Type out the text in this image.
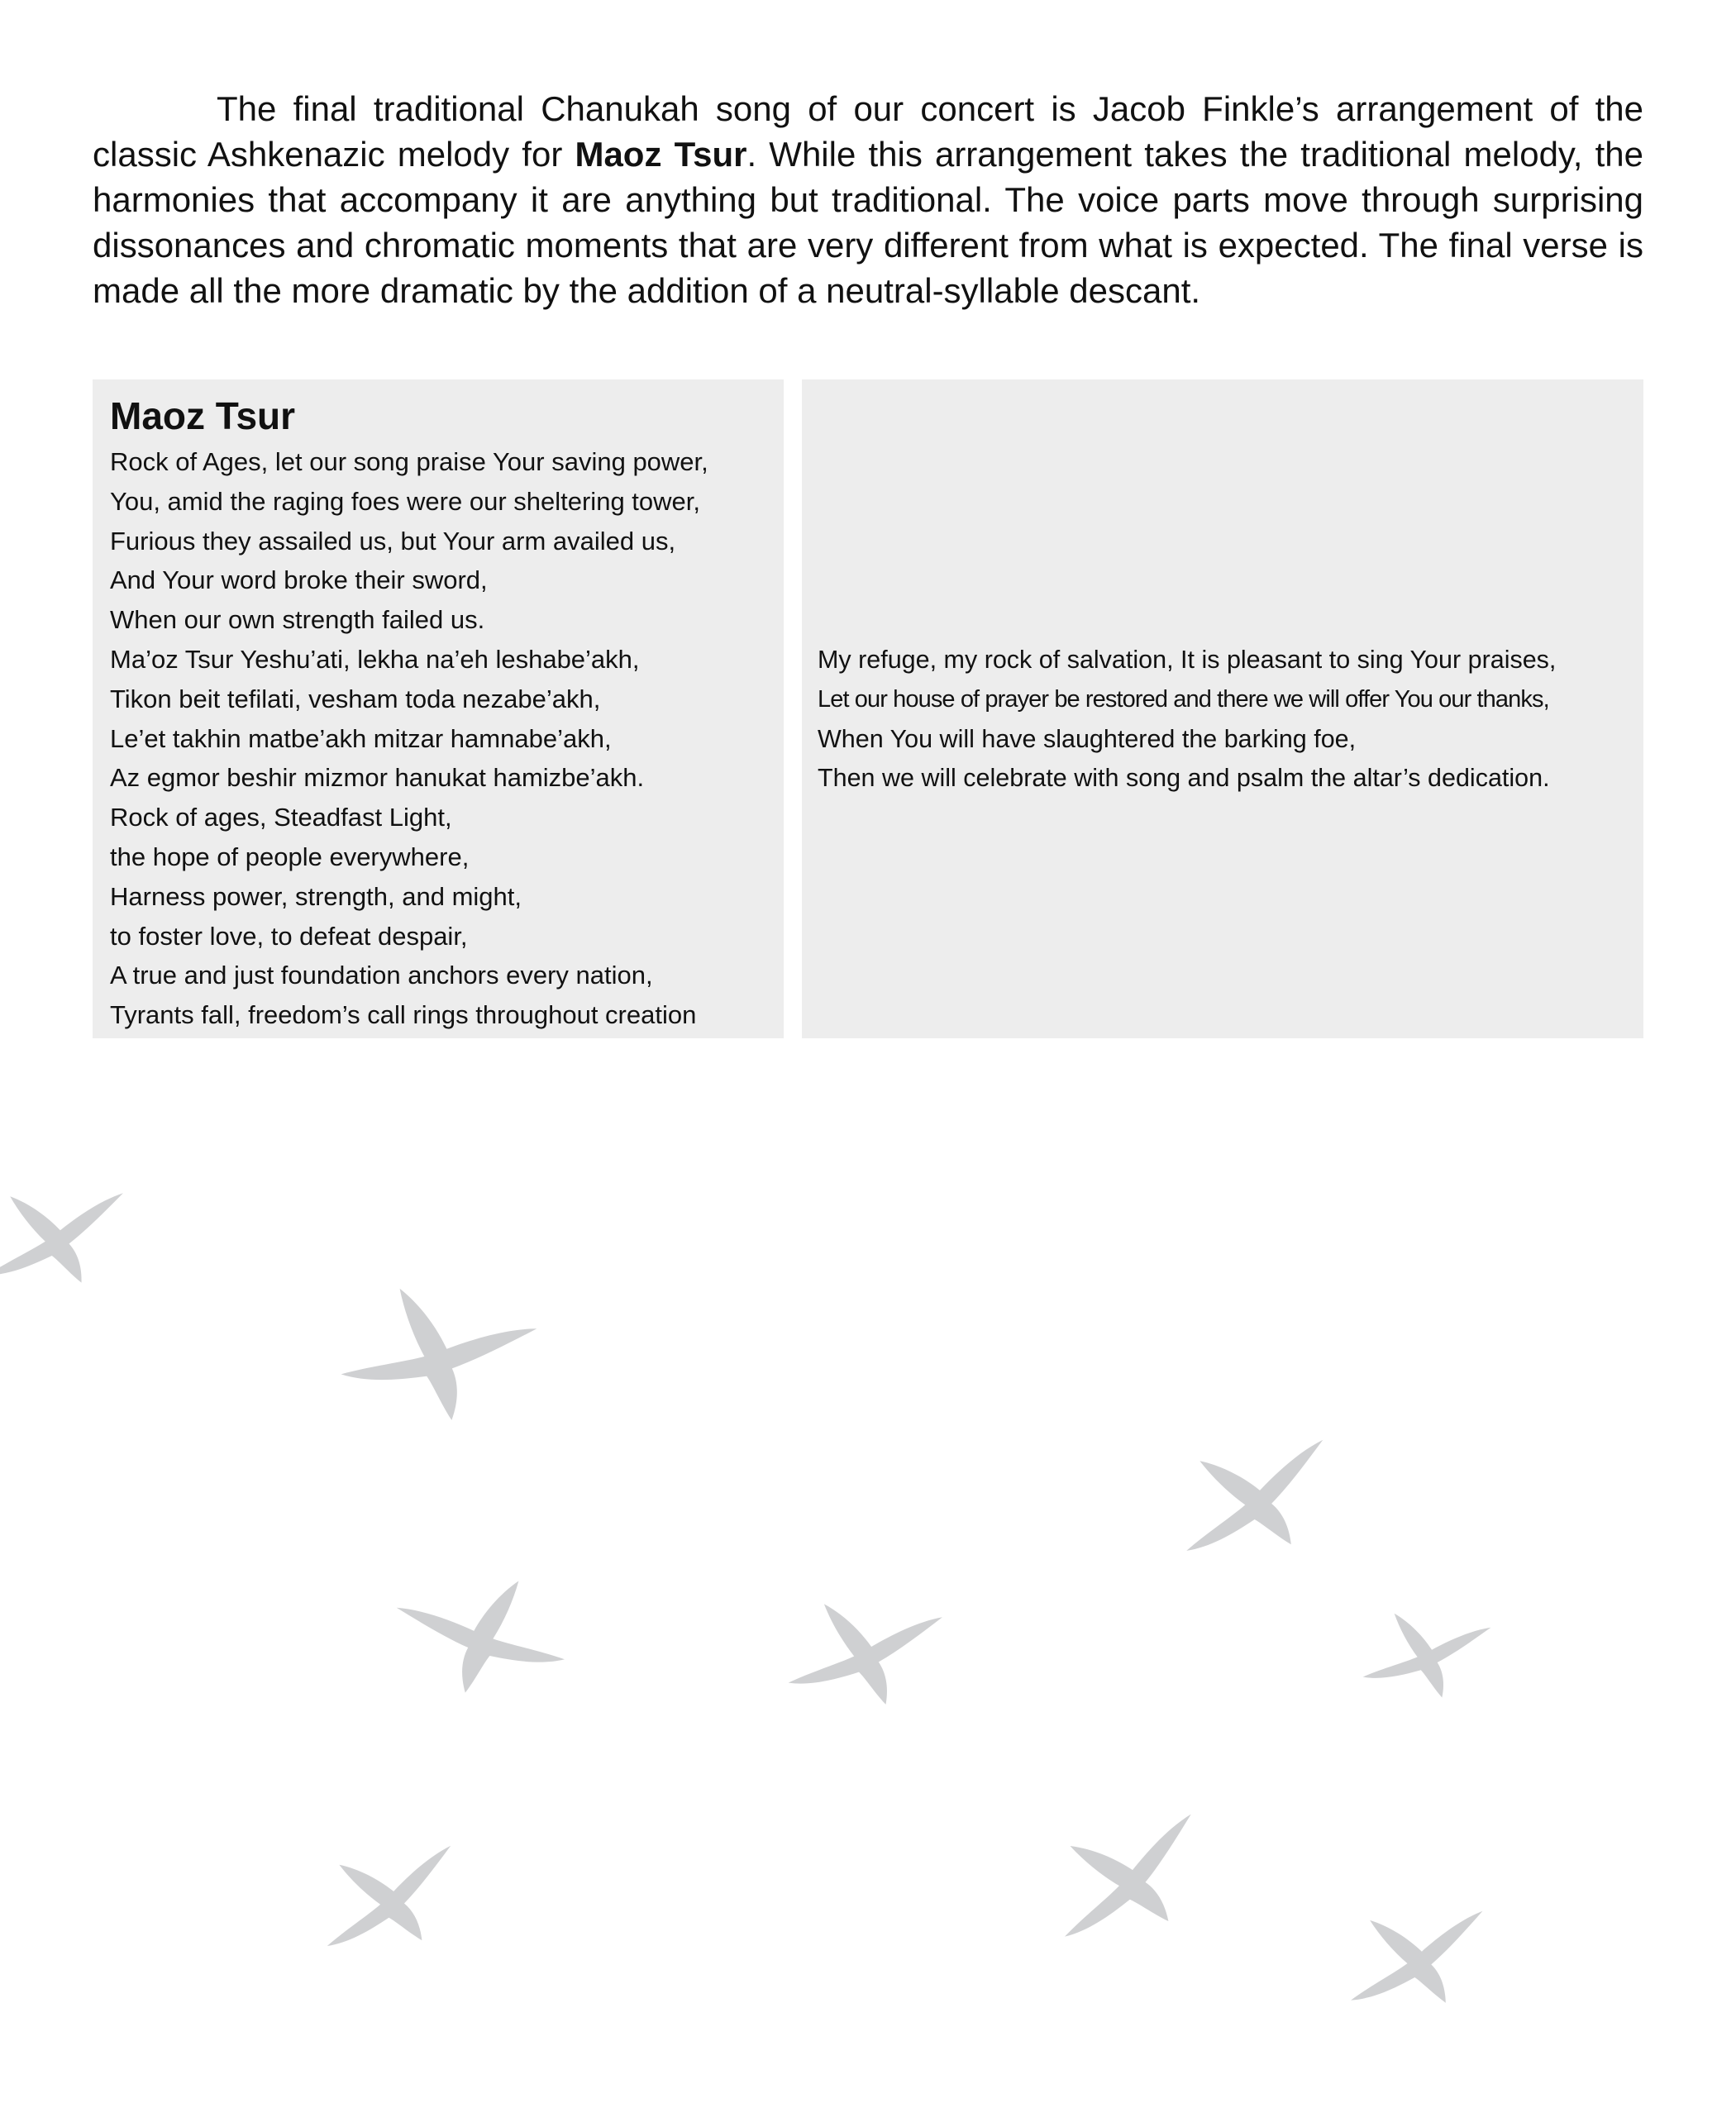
The final traditional Chanukah song of our concert is Jacob Finkle’s arrangement of the classic Ashkenazic melody for Maoz Tsur. While this arrangement takes the traditional melody, the harmonies that accompany it are anything but traditional. The voice parts move through surprising dissonances and chromatic moments that are very different from what is expected. The final verse is made all the more dramatic by the addition of a neutral-syllable descant.

Maoz Tsur
Rock of Ages, let our song praise Your saving power,
You, amid the raging foes were our sheltering tower,
Furious they assailed us, but Your arm availed us,
And Your word broke their sword,
When our own strength failed us.
Ma’oz Tsur Yeshu’ati, lekha na’eh leshabe’akh,
Tikon beit tefilati, vesham toda nezabe’akh,
Le’et takhin matbe’akh mitzar hamnabe’akh,
Az egmor beshir mizmor hanukat hamizbe’akh.
Rock of ages, Steadfast Light,
the hope of people everywhere,
Harness power, strength, and might,
to foster love, to defeat despair,
A true and just foundation anchors every nation,
Tyrants fall, freedom’s call rings throughout creation
My refuge, my rock of salvation, It is pleasant to sing Your praises,
Let our house of prayer be restored and there we will offer You our thanks,
When You will have slaughtered the barking foe,
Then we will celebrate with song and psalm the altar’s dedication.
